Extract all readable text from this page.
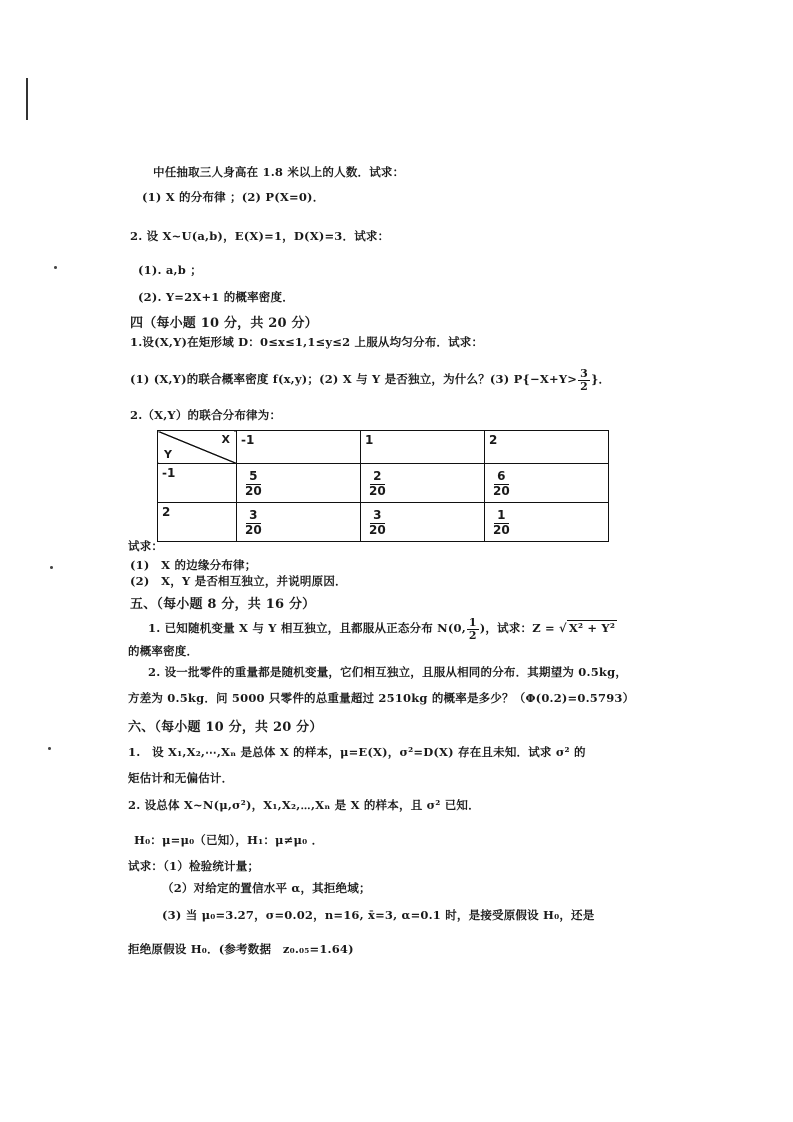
中任抽取三人身高在 1.8 米以上的人数．试求：
(1) X 的分布律 ；(2) P(X=0)．
2. 设 X~U(a,b)，E(X)=1，D(X)=3．试求：
(1). a,b ；
(2). Y=2X+1 的概率密度．
四（每小题 10 分，共 20 分）
1.设(X,Y)在矩形域 D：0≤x≤1,1≤y≤2 上服从均匀分布．试求：
(1) (X,Y)的联合概率密度 f(x,y)；(2) X 与 Y 是否独立，为什么？(3) $P\{-X+Y> \frac{3}{2}$ }．
2.（X,Y）的联合分布律为：
X
Y	-1	1	2
-1	$\frac{5}{20}$	$\frac{2}{20}$	$\frac{6}{20}$

2	$\frac{3}{20}$	$\frac{3}{20}$	$\frac{1}{20}$
试求：
(1)　X 的边缘分布律；
(2)　X，Y 是否相互独立，并说明原因．
五、（每小题 8 分，共 16 分）
1. 已知随机变量 X 与 Y 相互独立，且都服从正态分布 N(0, $\frac{1}{2}$ )，试求：Z = √ X² + Y²
的概率密度．
2. 设一批零件的重量都是随机变量，它们相互独立，且服从相同的分布．其期望为 0.5kg，
方差为 0.5kg．问 5000 只零件的总重量超过 2510kg 的概率是多少？（Φ(0.2)=0.5793）
六、（每小题 10 分，共 20 分）
1.　设 X₁,X₂,⋯,Xₙ 是总体 X 的样本，μ=E(X)，σ²=D(X) 存在且未知．试求 σ² 的
矩估计和无偏估计．
2. 设总体 X~N(μ,σ²)，X₁,X₂,⋯,Xₙ 是 X 的样本，且 σ² 已知．
H₀：μ=μ₀（已知），H₁：μ≠μ₀ ．
试求：（1）检验统计量；
（2）对给定的置信水平 α，其拒绝域；
(3) 当 μ₀=3.27，σ=0.02，n=16, x̄=3, α=0.1 时，是接受原假设 H₀，还是
拒绝原假设 H₀．(参考数据　z₀.₀₅=1.64)
